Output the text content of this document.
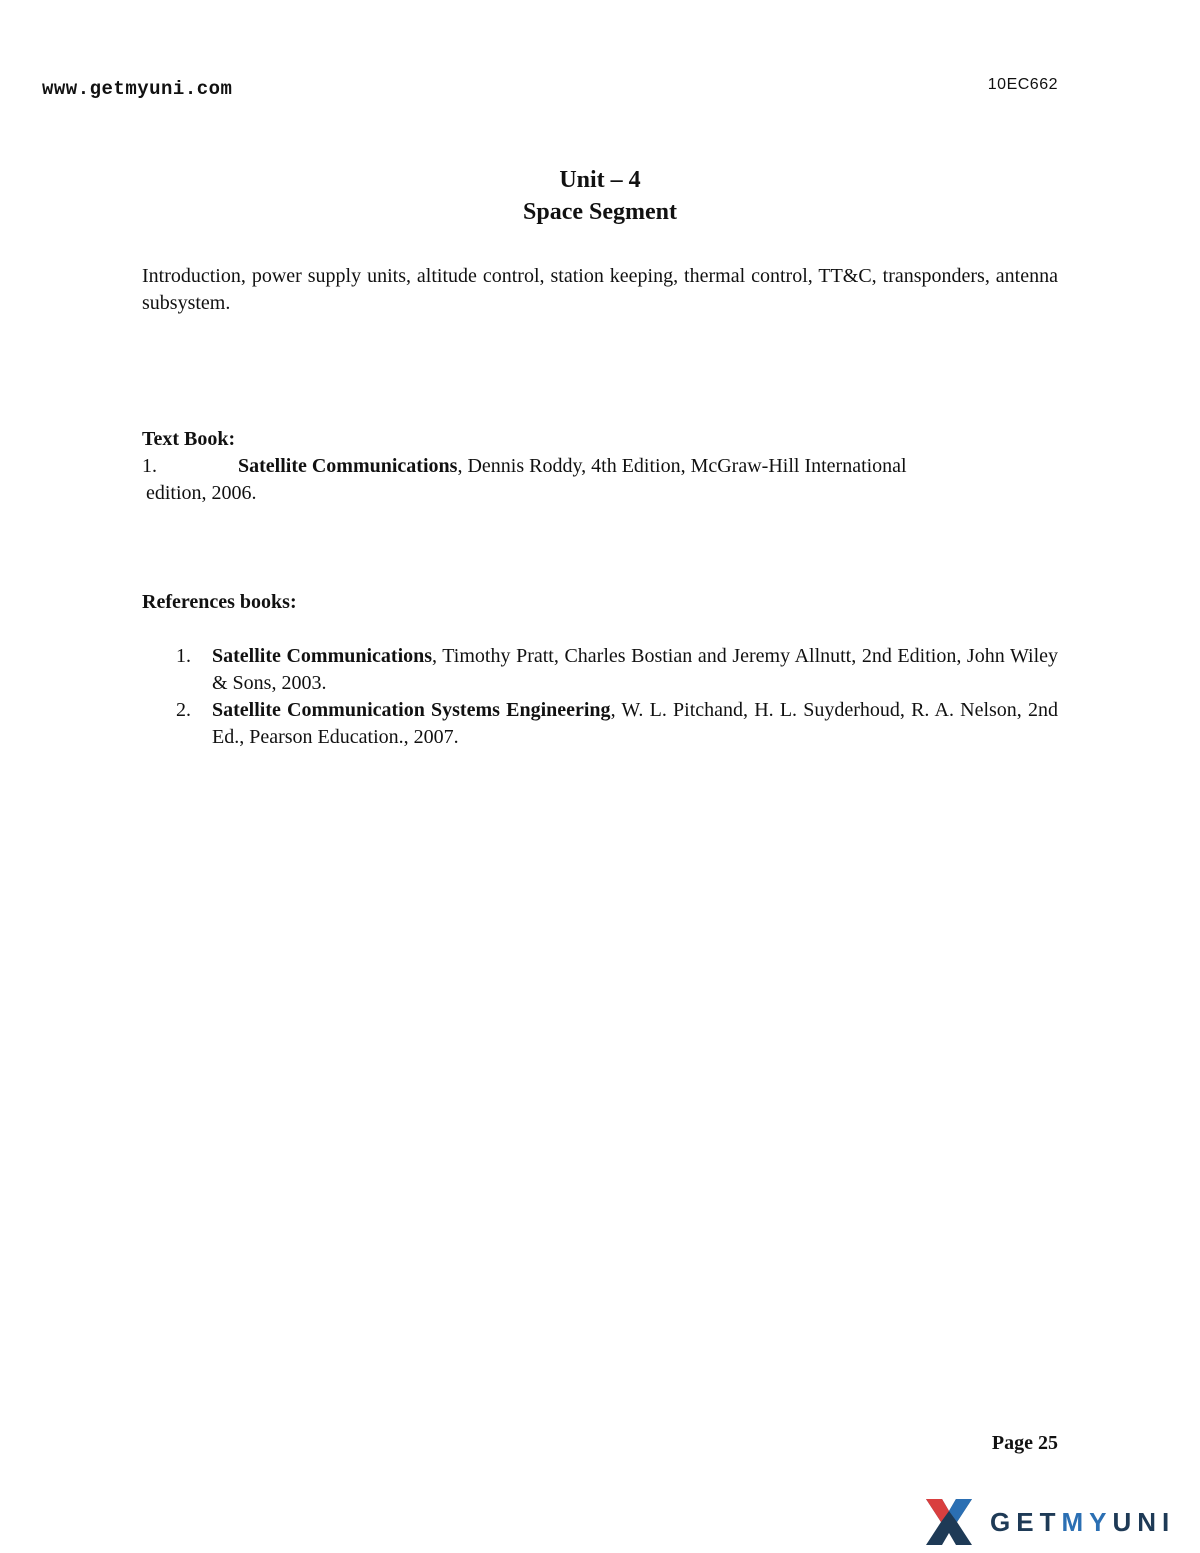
www.getmyuni.com	10EC662
Unit – 4
Space Segment

Introduction, power supply units, altitude control, station keeping, thermal control, TT&C, transponders, antenna subsystem.

Text Book:
1.	Satellite Communications, Dennis Roddy, 4th Edition, McGraw-Hill International
edition, 2006.
References books:
1.	Satellite Communications, Timothy Pratt, Charles Bostian and Jeremy Allnutt, 2nd Edition, John Wiley & Sons, 2003.
2.	Satellite Communication Systems Engineering, W. L. Pitchand, H. L. Suyderhoud, R. A. Nelson, 2nd Ed., Pearson Education., 2007.
Page 25
GETMYUNI
